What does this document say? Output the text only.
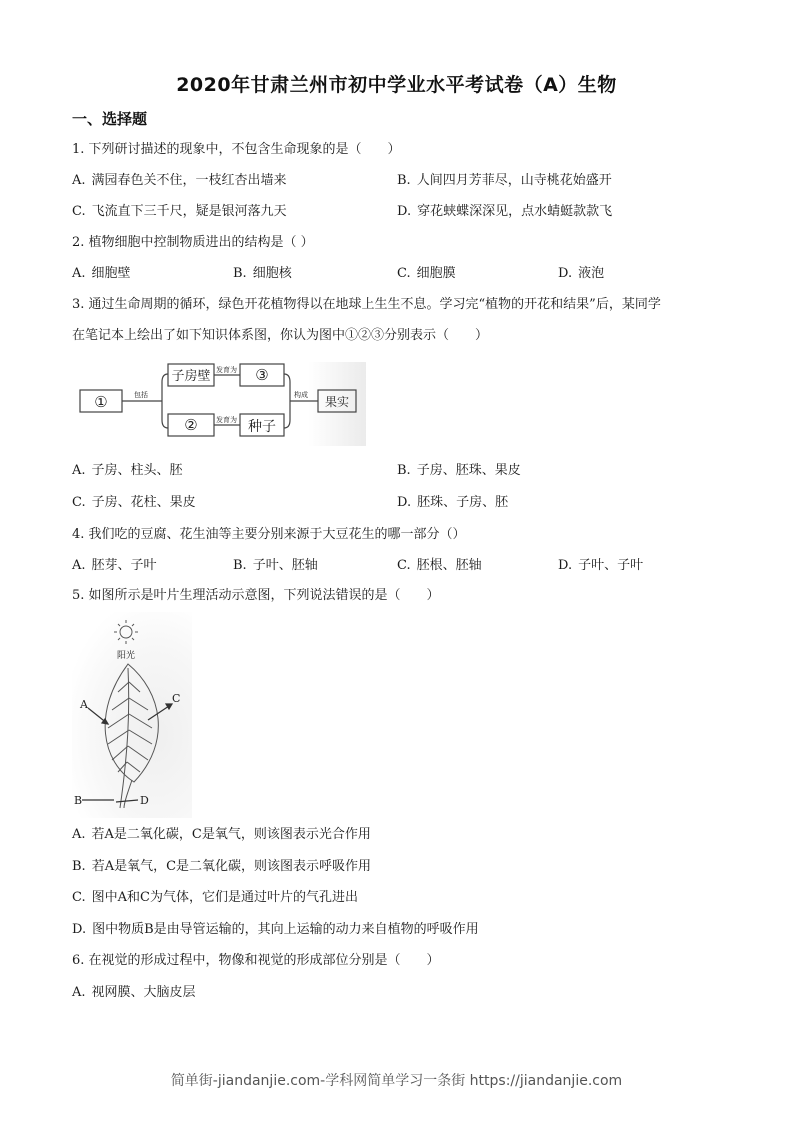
2020年甘肃兰州市初中学业水平考试卷（A）生物
一、选择题
1. 下列研讨描述的现象中，不包含生命现象的是（　　）
A. 满园春色关不住，一枝红杏出墙来	B. 人间四月芳菲尽，山寺桃花始盛开
C. 飞流直下三千尺，疑是银河落九天	D. 穿花蛱蝶深深见，点水蜻蜓款款飞
2. 植物细胞中控制物质进出的结构是（ ）
A. 细胞壁	B. 细胞核	C. 细胞膜	D. 液泡
3. 通过生命周期的循环，绿色开花植物得以在地球上生生不息。学习完“植物的开花和结果”后，某同学
在笔记本上绘出了如下知识体系图，你认为图中①②③分别表示（　　）
①	包括
子房壁
②
发育为
发育为
③
种子
构成 果实
A. 子房、柱头、胚	B. 子房、胚珠、果皮
C. 子房、花柱、果皮	D. 胚珠、子房、胚
4. 我们吃的豆腐、花生油等主要分别来源于大豆花生的哪一部分（）
A. 胚芽、子叶	B. 子叶、胚轴	C. 胚根、胚轴	D. 子叶、子叶
5. 如图所示是叶片生理活动示意图，下列说法错误的是（　　）
阳光
A	C
B	D
A. 若A是二氧化碳，C是氧气，则该图表示光合作用
B. 若A是氧气，C是二氧化碳，则该图表示呼吸作用
C. 图中A和C为气体，它们是通过叶片的气孔进出
D. 图中物质B是由导管运输的，其向上运输的动力来自植物的呼吸作用
6. 在视觉的形成过程中，物像和视觉的形成部位分别是（　　）
A. 视网膜、大脑皮层
简单街-jiandanjie.com-学科网简单学习一条街 https://jiandanjie.com
